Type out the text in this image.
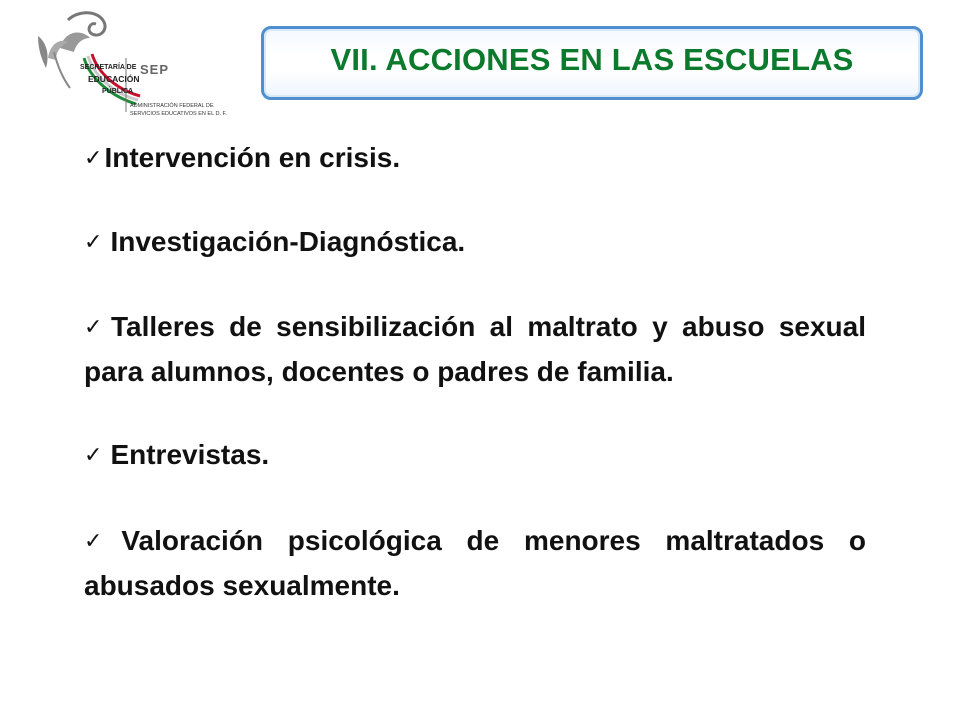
SECRETARÍA DE
EDUCACIÓN
PÚBLICA
SEP
ADMINISTRACIÓN FEDERAL DE
SERVICIOS EDUCATIVOS EN EL D. F.
VII. ACCIONES EN LAS ESCUELAS
✓Intervención en crisis.
✓ Investigación-Diagnóstica.
✓Talleres de sensibilización al maltrato y abuso sexual para alumnos, docentes o padres de familia.
✓ Entrevistas.
✓Valoración psicológica de menores maltratados o abusados sexualmente.
